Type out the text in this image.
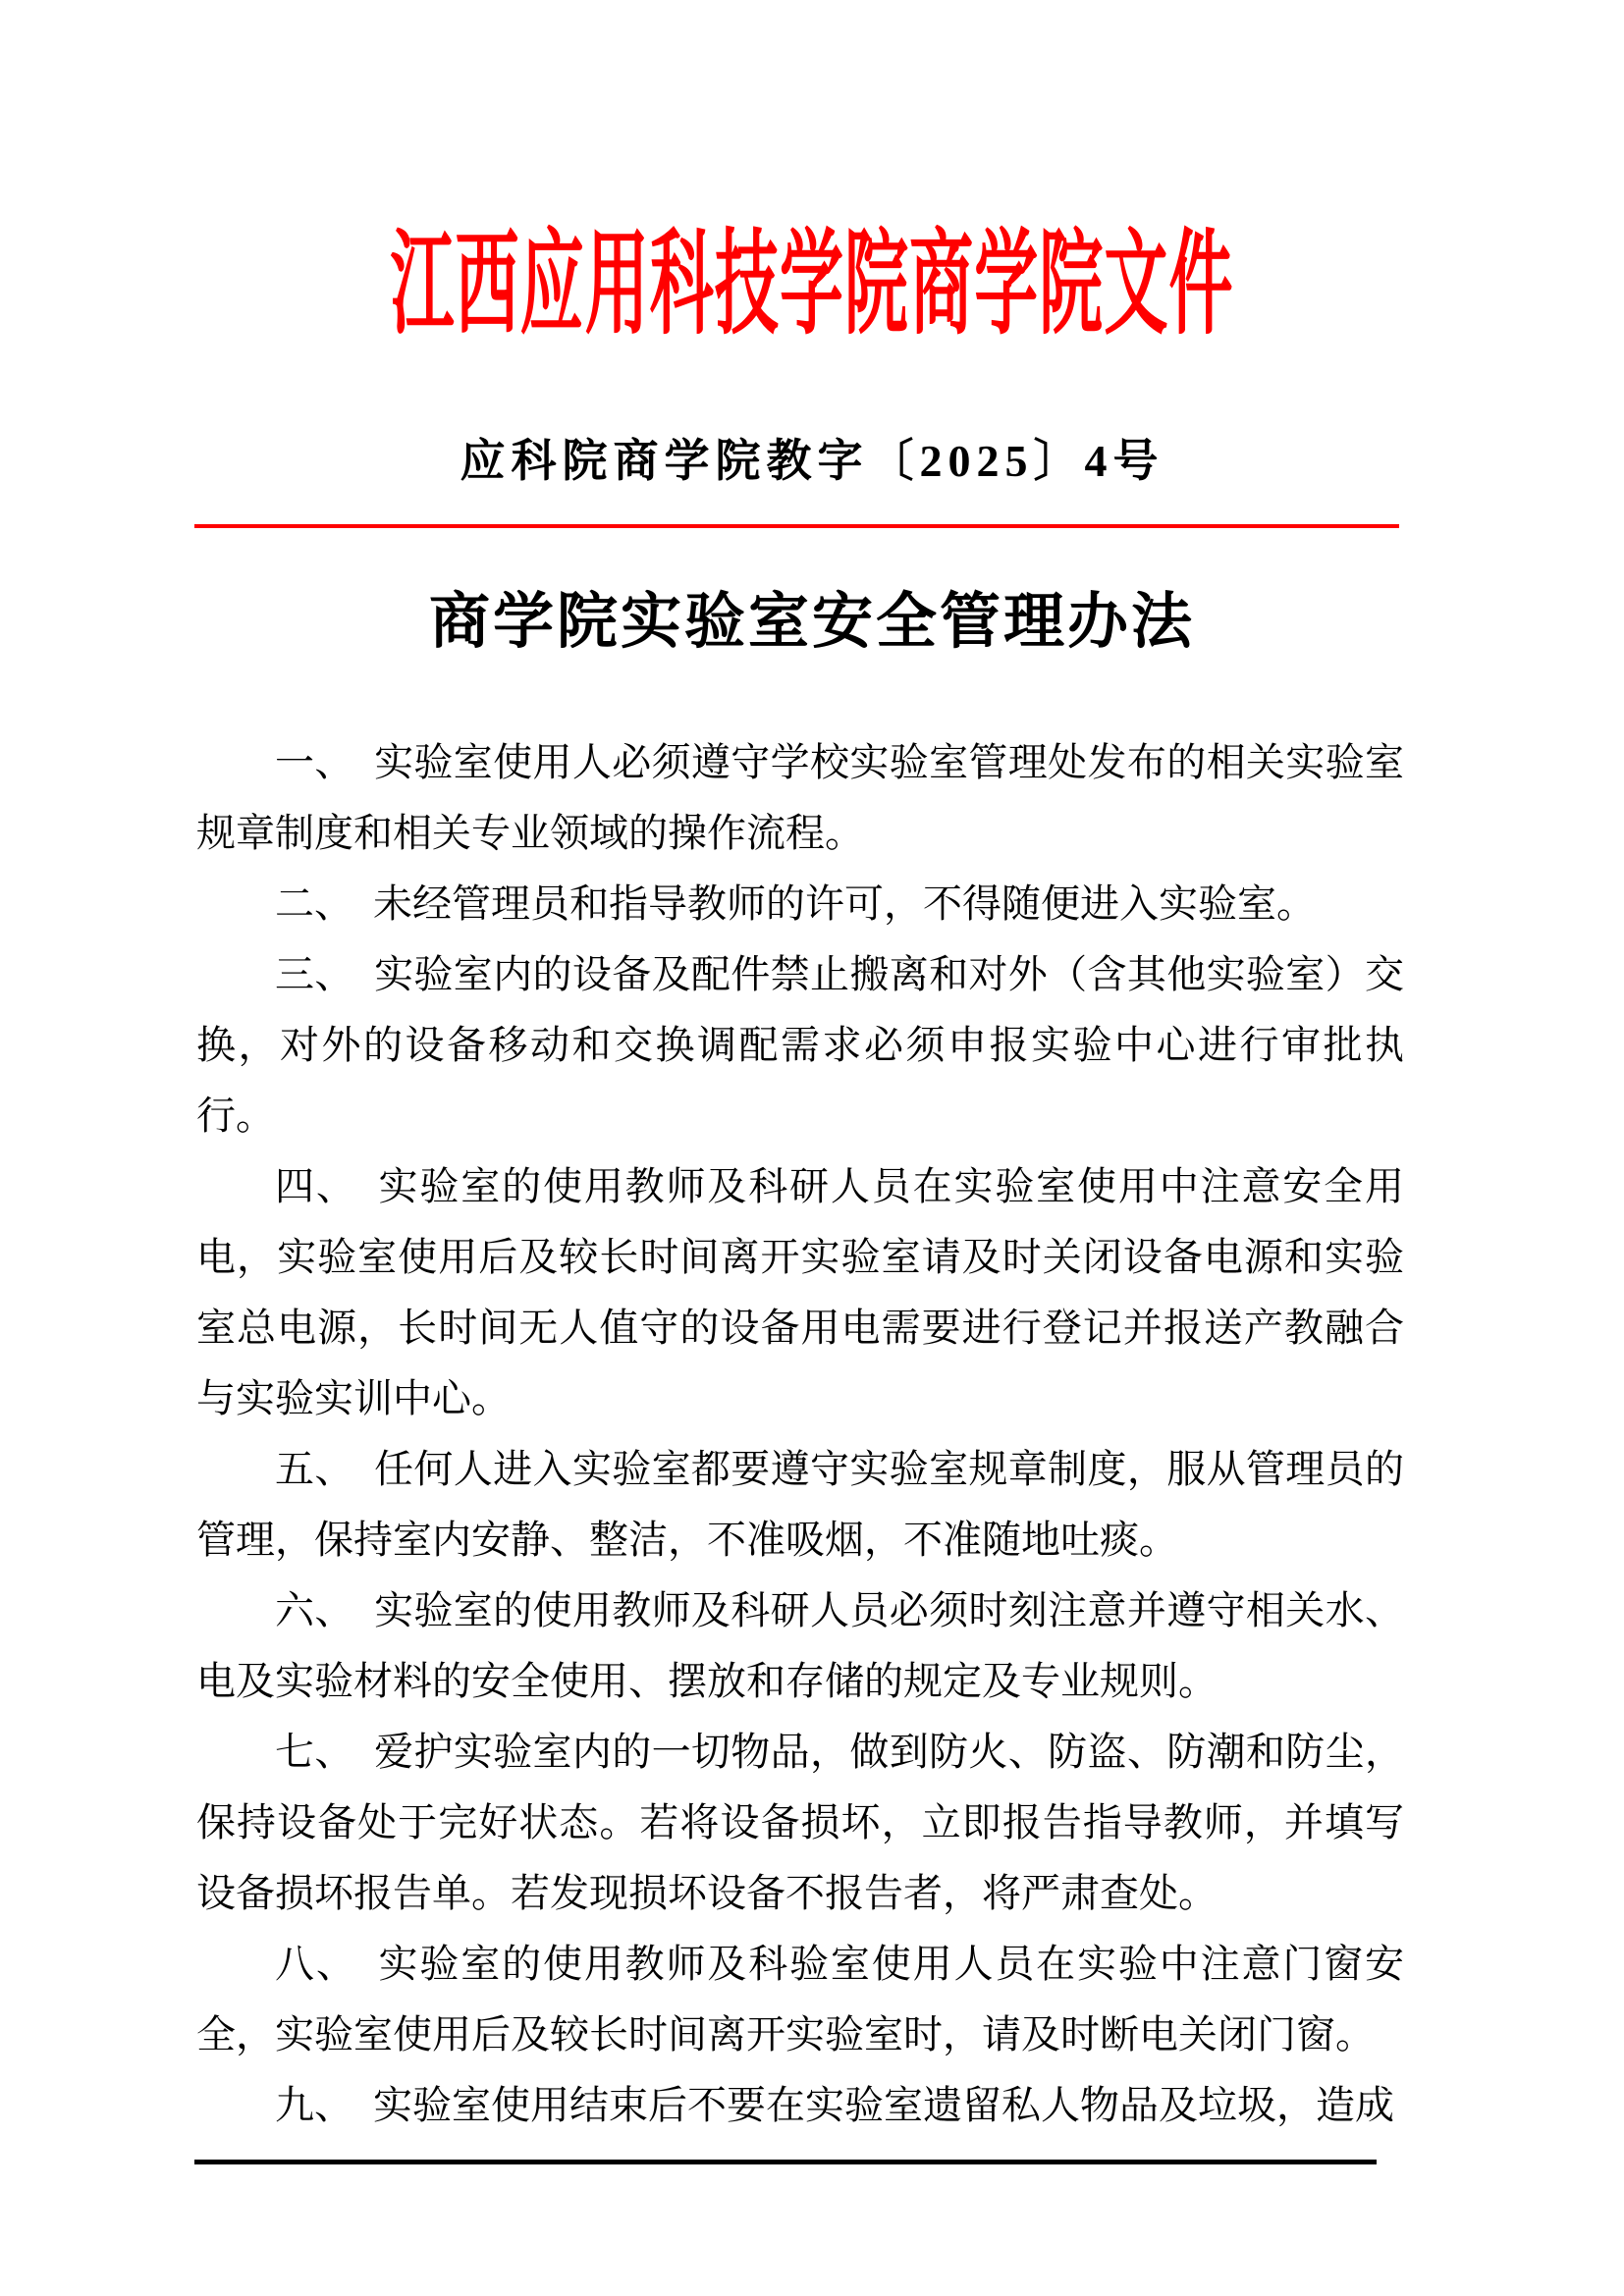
江西应用科技学院商学院文件
应科院商学院教字〔2025〕4号
商学院实验室安全管理办法

一、　实验室使用人必须遵守学校实验室管理处发布的相关实验室规章制度和相关专业领域的操作流程。

二、　未经管理员和指导教师的许可，不得随便进入实验室。

三、　实验室内的设备及配件禁止搬离和对外（含其他实验室）交换，对外的设备移动和交换调配需求必须申报实验中心进行审批执行。

四、　实验室的使用教师及科研人员在实验室使用中注意安全用电，实验室使用后及较长时间离开实验室请及时关闭设备电源和实验室总电源，长时间无人值守的设备用电需要进行登记并报送产教融合与实验实训中心。

五、　任何人进入实验室都要遵守实验室规章制度，服从管理员的管理，保持室内安静、整洁，不准吸烟，不准随地吐痰。

六、　实验室的使用教师及科研人员必须时刻注意并遵守相关水、电及实验材料的安全使用、摆放和存储的规定及专业规则。

七、　爱护实验室内的一切物品，做到防火、防盗、防潮和防尘，保持设备处于完好状态。若将设备损坏，立即报告指导教师，并填写设备损坏报告单。若发现损坏设备不报告者，将严肃查处。

八、　实验室的使用教师及科验室使用人员在实验中注意门窗安全，实验室使用后及较长时间离开实验室时，请及时断电关闭门窗。

九、　实验室使用结束后不要在实验室遗留私人物品及垃圾，造成
